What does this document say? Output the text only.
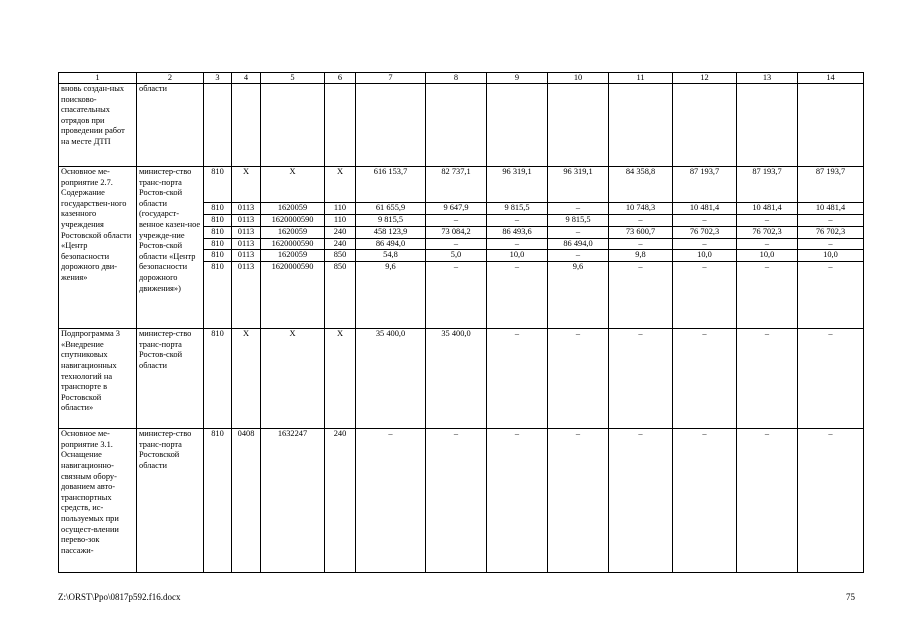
1	2	3	4	5	6	7	8	9	10	11	12	13	14
вновь создан-ных поисково-спасательных отрядов при проведении работ на месте ДТП	области												
Основное ме-роприятие 2.7. Содержание государствен-ного казенного учреждения Ростовской области «Центр безопасности дорожного дви-жения»	министер-ство транс-порта Ростов-ской области (государст-венное казен-ное учрежде-ние Ростов-ской области «Центр безопасности дорожного движения»)	810	X	X	X	616 153,7	82 737,1	96 319,1	96 319,1	84 358,8	87 193,7	87 193,7	87 193,7
		810	0113	1620059	110	61 655,9	9 647,9	9 815,5	–	10 748,3	10 481,4	10 481,4	10 481,4
		810	0113	1620000590	110	9 815,5	–	–	9 815,5	–	–	–	–
		810	0113	1620059	240	458 123,9	73 084,2	86 493,6	–	73 600,7	76 702,3	76 702,3	76 702,3
		810	0113	1620000590	240	86 494,0	–	–	86 494,0	–	–	–	–
		810	0113	1620059	850	54,8	5,0	10,0	–	9,8	10,0	10,0	10,0
		810	0113	1620000590	850	9,6	–	–	9,6	–	–	–	–
Подпрограмма 3 «Внедрение спутниковых навигационных технологий на транспорте в Ростовской области»	министер-ство транс-порта Ростов-ской области	810	X	X	X	35 400,0	35 400,0	–	–	–	–	–	–
Основное ме-роприятие 3.1. Оснащение навигационно-связным обору-дованием авто-транспортных средств, ис-пользуемых при осущест-влении перево-зок пассажи-	министер-ство транс-порта Ростовской области	810	0408	1632247	240	–	–	–	–	–	–	–	–
Z:\ORST\Ppo\0817p592.f16.docx	75
